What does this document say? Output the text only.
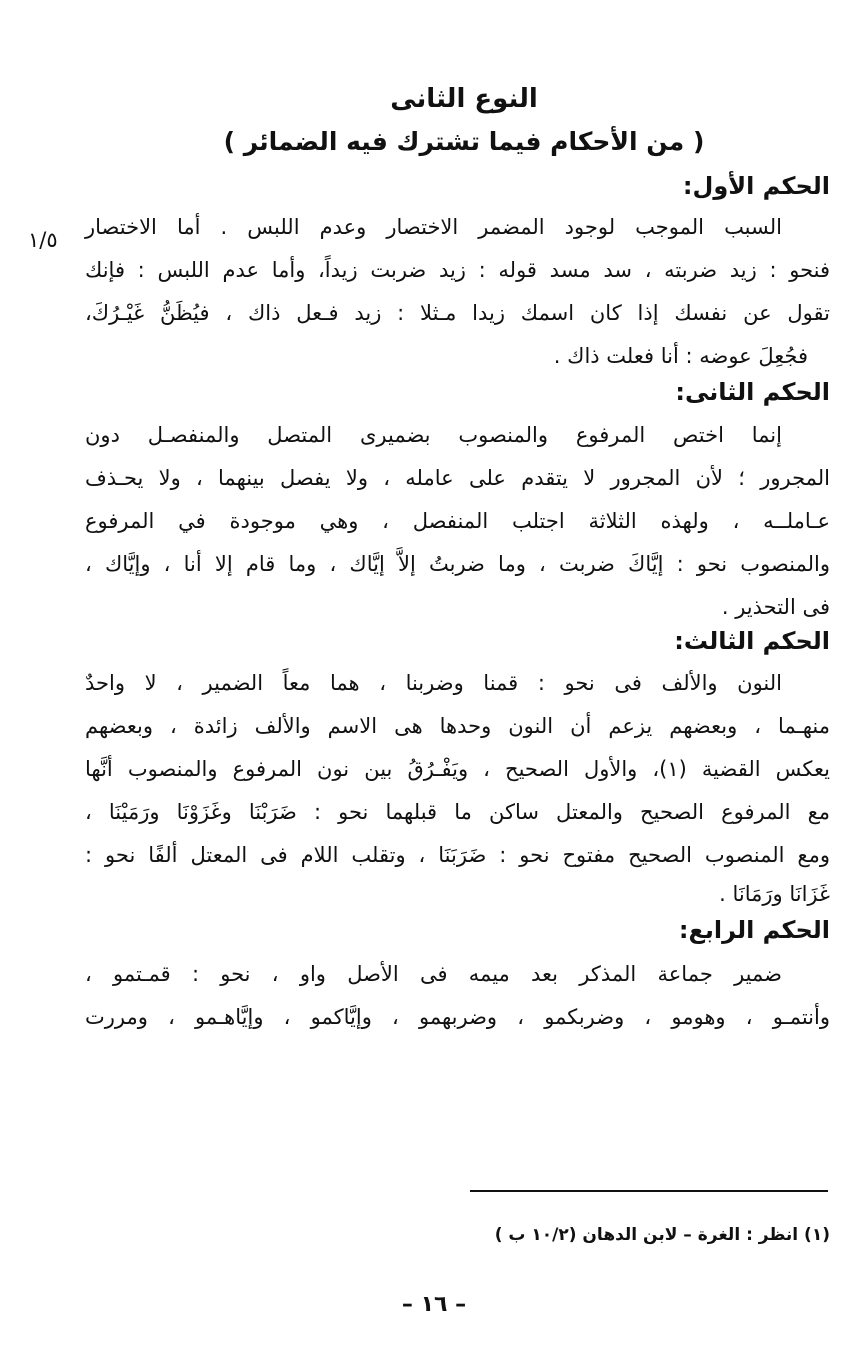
النوع الثانى
( من الأحكام فيما تشترك فيه الضمائر )
١/٥
الحكم الأول:
السبب الموجب لوجود المضمر الاختصار وعدم اللبس . أما الاختصار
فنحو : زيد ضربته ، سد مسد قوله : زيد ضربت زيداً، وأما عدم اللبس : فإنك
تقول عن نفسك إذا كان اسمك زيدا مـثلا : زيد فـعل ذاك ، فيُظَنُّ غَيْـرُكَ،
فجُعِلَ عوضه : أنا فعلت ذاك .
الحكم الثانى:
إنما اختص المرفوع والمنصوب بضميرى المتصل والمنفصـل دون
المجرور ؛ لأن المجرور لا يتقدم على عامله ، ولا يفصل بينهما ، ولا يحـذف
عـاملــه ، ولهذه الثلاثة اجتلب المنفصل ، وهي موجودة في المرفوع
والمنصوب نحو : إيَّاكَ ضربت ، وما ضربتُ إلاَّ إيَّاك ، وما قام إلا أنا ، وإيَّاك ،
فى التحذير .
الحكم الثالث:
النون والألف فى نحو : قمنا وضربنا ، هما معاً الضمير ، لا واحدٌ
منهـما ، وبعضهم يزعم أن النون وحدها هى الاسم والألف زائدة ، وبعضهم
يعكس القضية (١)، والأول الصحيح ، ويَفْـرُقُ بين نون المرفوع والمنصوب أنَّها
مع المرفوع الصحيح والمعتل ساكن ما قبلهما نحو : ضَرَبْنَا وغَزَوْنَا ورَمَيْنَا ،
ومع المنصوب الصحيح مفتوح نحو : ضَرَبَنَا ، وتقلب اللام فى المعتل ألفًا نحو :
غَزَانَا ورَمَانَا .
الحكم الرابع:
ضمير جماعة المذكر بعد ميمه فى الأصل واو ، نحو : قمـتمو ،
وأنتمـو ، وهومو ، وضربكمو ، وضربهمو ، وإيَّاكمو ، وإيَّاهـمو ، ومررت
(١) انظر : الغرة – لابن الدهان (١٠/٢ ب )
– ١٦ –
